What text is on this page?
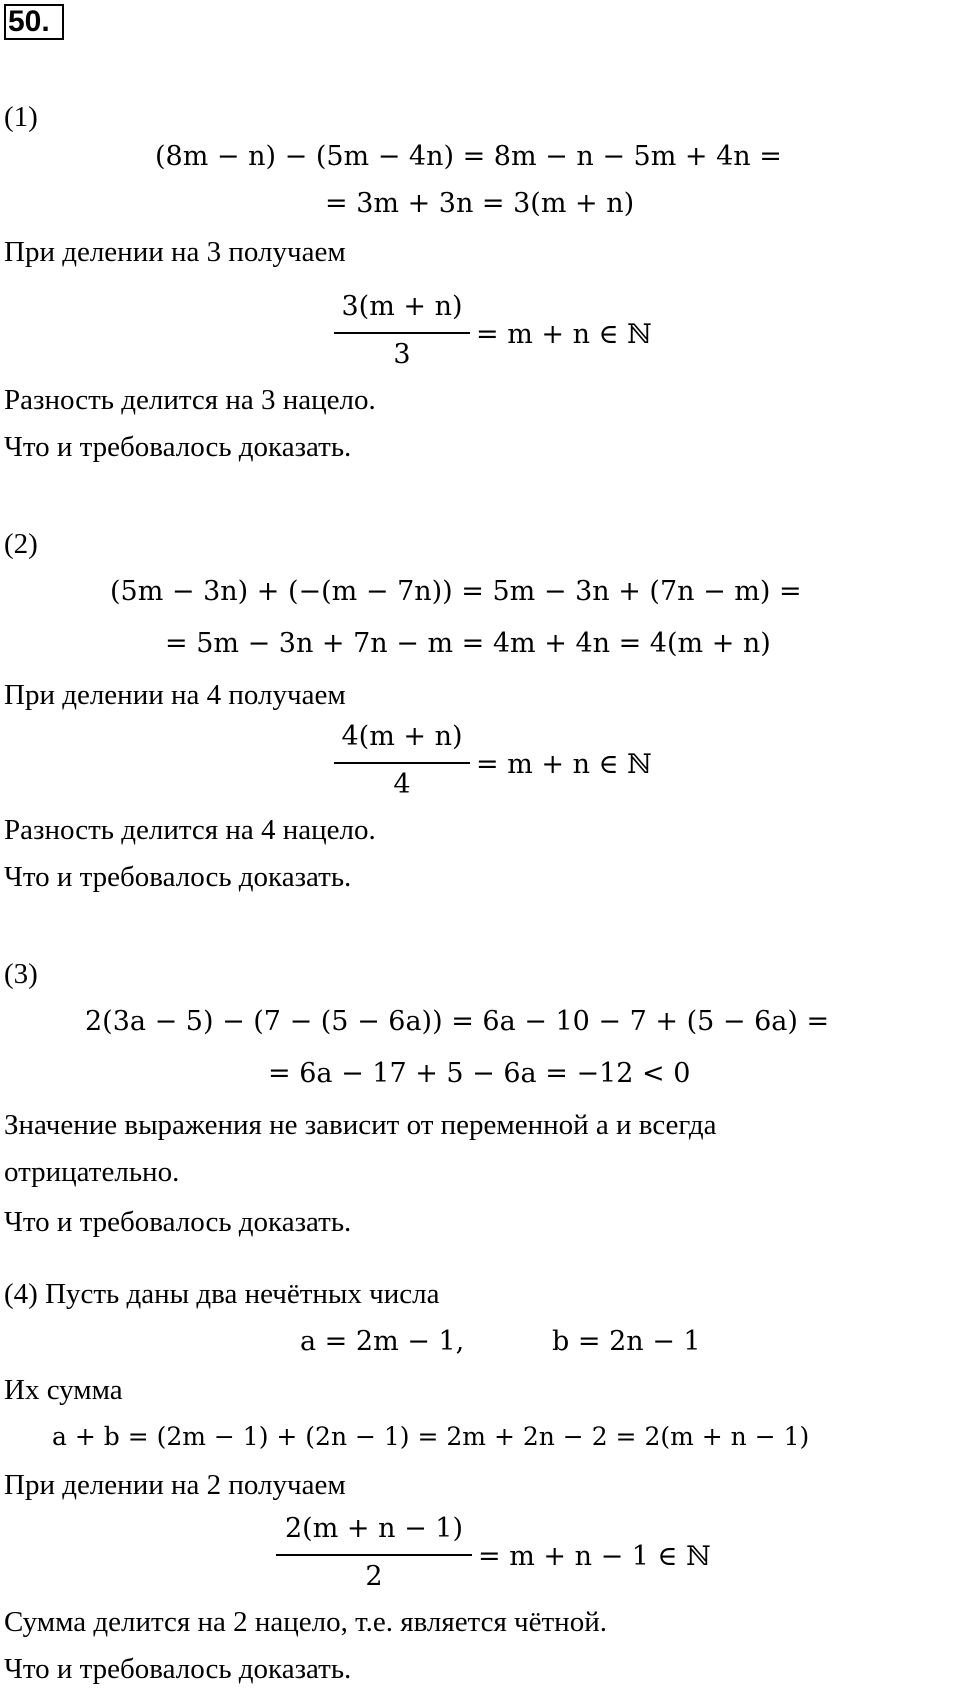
50.
(1)
(8m − n) − (5m − 4n) = 8m − n − 5m + 4n =
= 3m + 3n = 3(m + n)
При делении на 3 получаем
3(m + n)
3
= m + n ∈ ℕ
Разность делится на 3 нацело.
Что и требовалось доказать.
(2)
(5m − 3n) + (−(m − 7n)) = 5m − 3n + (7n − m) =
= 5m − 3n + 7n − m = 4m + 4n = 4(m + n)
При делении на 4 получаем
4(m + n)
4
= m + n ∈ ℕ
Разность делится на 4 нацело.
Что и требовалось доказать.
(3)
2(3a − 5) − (7 − (5 − 6a)) = 6a − 10 − 7 + (5 − 6a) =
= 6a − 17 + 5 − 6a = −12 < 0
Значение выражения не зависит от переменной a и всегда
отрицательно.
Что и требовалось доказать.
(4) Пусть даны два нечётных числа
a = 2m − 1,	b = 2n − 1
Их сумма
a + b = (2m − 1) + (2n − 1) = 2m + 2n − 2 = 2(m + n − 1)
При делении на 2 получаем
2(m + n − 1)
2
= m + n − 1 ∈ ℕ
Сумма делится на 2 нацело, т.е. является чётной.
Что и требовалось доказать.
